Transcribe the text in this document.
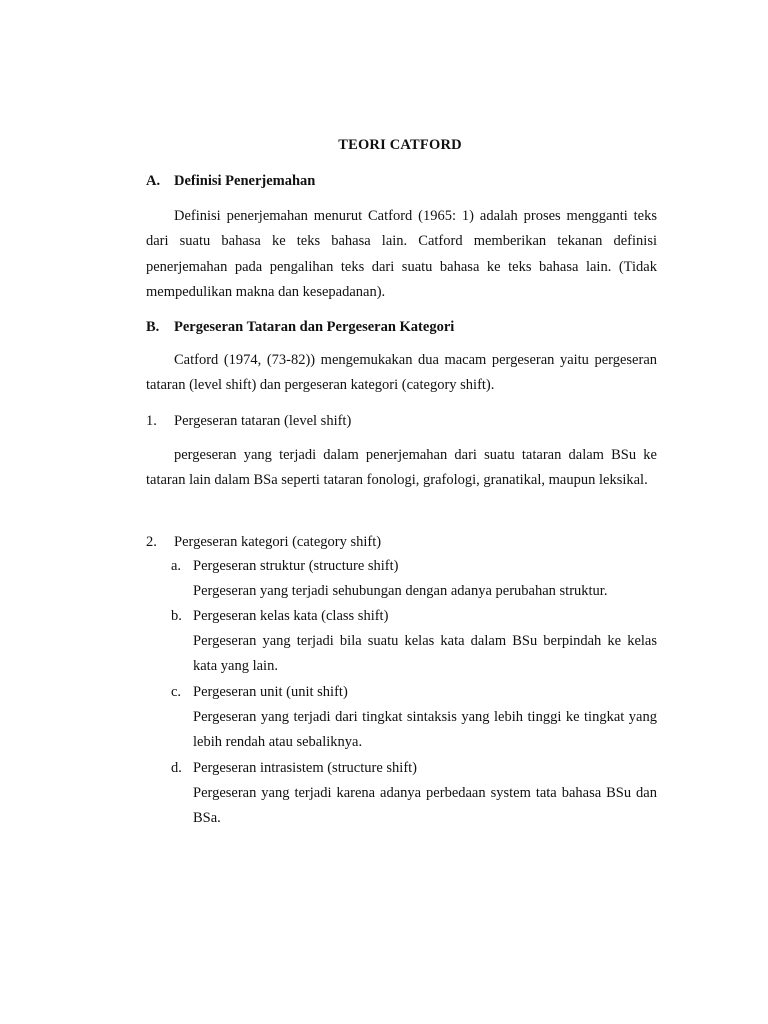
TEORI CATFORD
A. Definisi Penerjemahan

Definisi penerjemahan menurut Catford (1965: 1) adalah proses mengganti teks dari suatu bahasa ke teks bahasa lain. Catford memberikan tekanan definisi penerjemahan pada pengalihan teks dari suatu bahasa ke teks bahasa lain. (Tidak mempedulikan makna dan kesepadanan).

B. Pergeseran Tataran dan Pergeseran Kategori

Catford (1974, (73-82)) mengemukakan dua macam pergeseran yaitu pergeseran tataran (level shift) dan pergeseran kategori (category shift).

1. Pergeseran tataran (level shift)

pergeseran yang terjadi dalam penerjemahan dari suatu tataran dalam BSu ke tataran lain dalam BSa seperti tataran fonologi, grafologi, granatikal, maupun leksikal.

2. Pergeseran kategori (category shift)
a. Pergeseran struktur (structure shift)

Pergeseran yang terjadi sehubungan dengan adanya perubahan struktur.

b. Pergeseran kelas kata (class shift)

Pergeseran yang terjadi bila suatu kelas kata dalam BSu berpindah ke kelas kata yang lain.

c. Pergeseran unit (unit shift)

Pergeseran yang terjadi dari tingkat sintaksis yang lebih tinggi ke tingkat yang lebih rendah atau sebaliknya.

d. Pergeseran intrasistem (structure shift)

Pergeseran yang terjadi karena adanya perbedaan system tata bahasa BSu dan BSa.
